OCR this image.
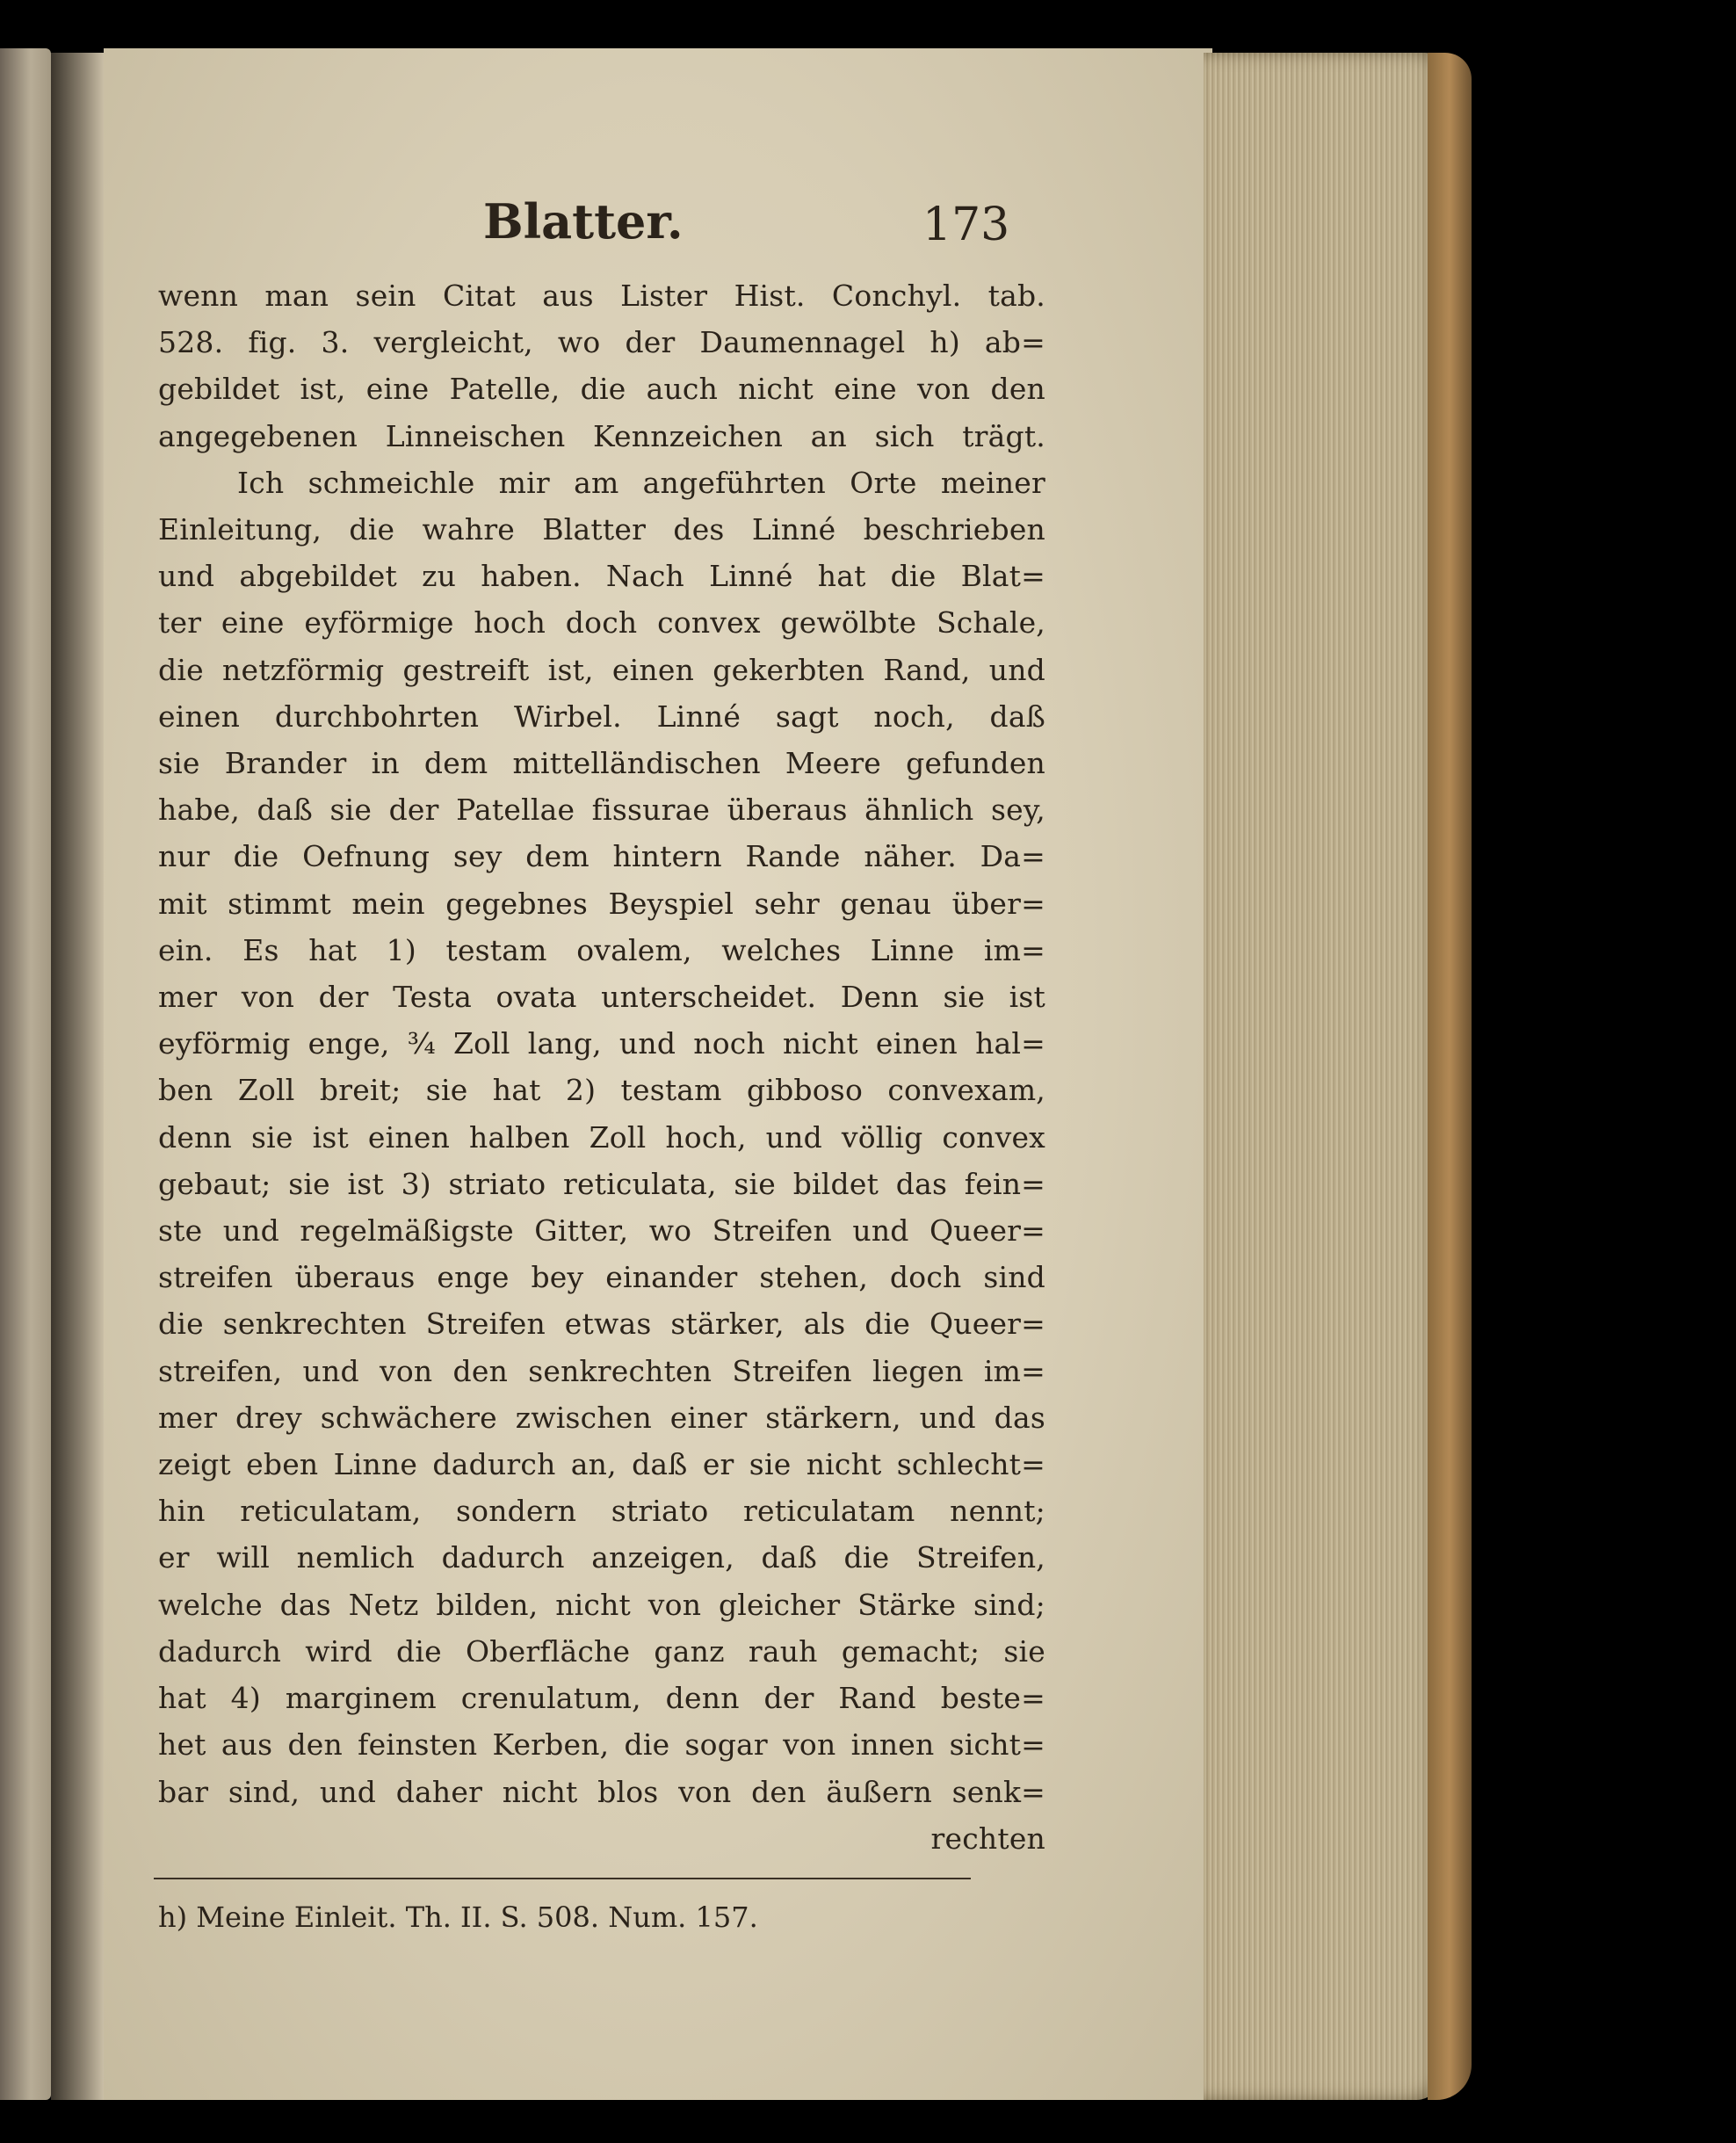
Blatter.	173
wenn man sein Citat aus Lister Hist. Conchyl. tab.
528. fig. 3. vergleicht, wo der Daumennagel h) ab=
gebildet ist, eine Patelle, die auch nicht eine von den
angegebenen Linneischen Kennzeichen an sich trägt.
Ich schmeichle mir am angeführten Orte meiner
Einleitung, die wahre Blatter des Linné beschrieben
und abgebildet zu haben. Nach Linné hat die Blat=
ter eine eyförmige hoch doch convex gewölbte Schale,
die netzförmig gestreift ist, einen gekerbten Rand, und
einen durchbohrten Wirbel. Linné sagt noch, daß
sie Brander in dem mittelländischen Meere gefunden
habe, daß sie der Patellae fissurae überaus ähnlich sey,
nur die Oefnung sey dem hintern Rande näher. Da=
mit stimmt mein gegebnes Beyspiel sehr genau über=
ein. Es hat 1) testam ovalem, welches Linne im=
mer von der Testa ovata unterscheidet. Denn sie ist
eyförmig enge, ¾ Zoll lang, und noch nicht einen hal=
ben Zoll breit; sie hat 2) testam gibboso convexam,
denn sie ist einen halben Zoll hoch, und völlig convex
gebaut; sie ist 3) striato reticulata, sie bildet das fein=
ste und regelmäßigste Gitter, wo Streifen und Queer=
streifen überaus enge bey einander stehen, doch sind
die senkrechten Streifen etwas stärker, als die Queer=
streifen, und von den senkrechten Streifen liegen im=
mer drey schwächere zwischen einer stärkern, und das
zeigt eben Linne dadurch an, daß er sie nicht schlecht=
hin reticulatam, sondern striato reticulatam nennt;
er will nemlich dadurch anzeigen, daß die Streifen,
welche das Netz bilden, nicht von gleicher Stärke sind;
dadurch wird die Oberfläche ganz rauh gemacht; sie
hat 4) marginem crenulatum, denn der Rand beste=
het aus den feinsten Kerben, die sogar von innen sicht=
bar sind, und daher nicht blos von den äußern senk=
rechten
h) Meine Einleit. Th. II. S. 508. Num. 157.
